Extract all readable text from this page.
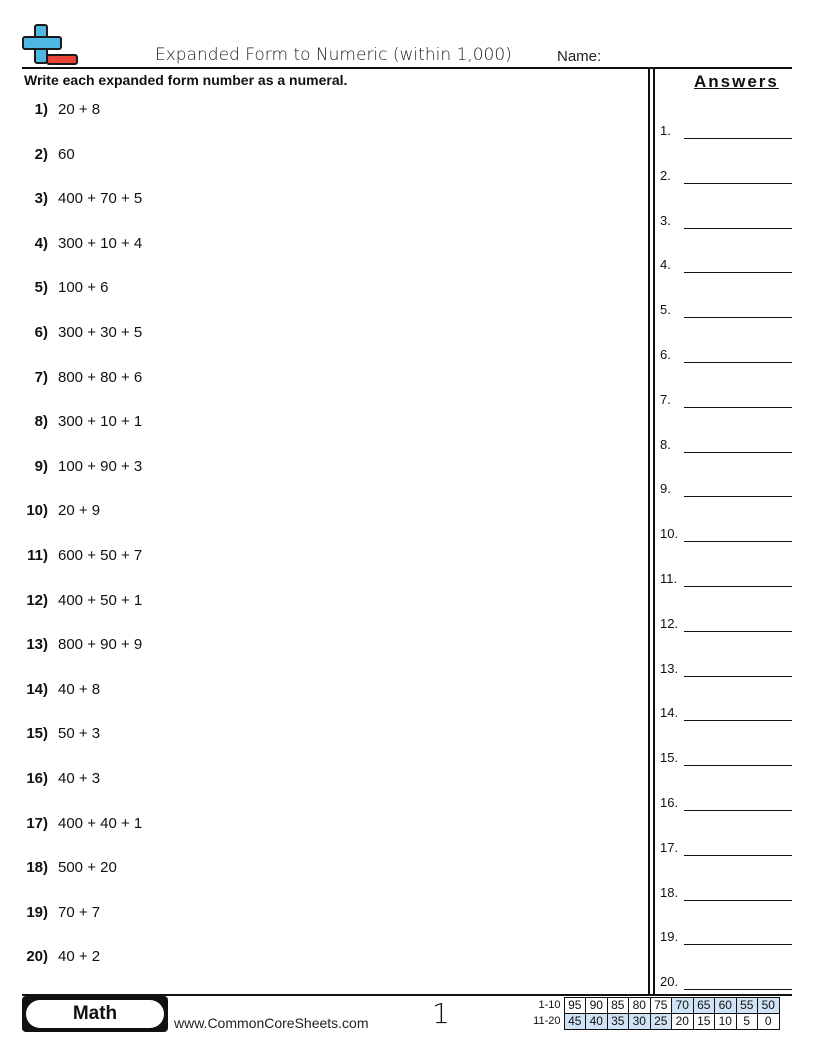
Expanded Form to Numeric (within 1,000)	Name:
Write each expanded form number as a numeral.
1) 20 + 8
2) 60
3) 400 + 70 + 5
4) 300 + 10 + 4
5) 100 + 6
6) 300 + 30 + 5
7) 800 + 80 + 6
8) 300 + 10 + 1
9) 100 + 90 + 3
10) 20 + 9
11) 600 + 50 + 7
12) 400 + 50 + 1
13) 800 + 90 + 9
14) 40 + 8
15) 50 + 3
16) 40 + 3
17) 400 + 40 + 1
18) 500 + 20
19) 70 + 7
20) 40 + 2
Answers
1.
2.
3.
4.
5.
6.
7.
8.
9.
10.
11.
12.
13.
14.
15.
16.
17.
18.
19.
20.
Math	www.CommonCoreSheets.com 1	1-10	95	90	85	80	75	70	65	60	55	50
11-20	45	40	35	30	25	20	15	10	5	0
